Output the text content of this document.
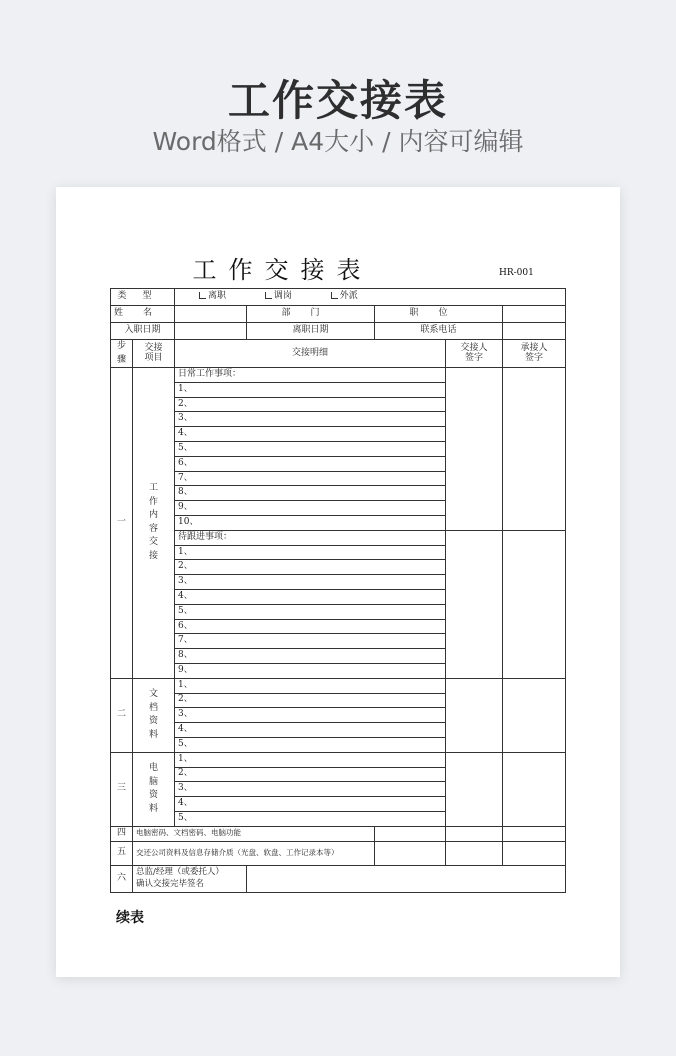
工作交接表
Word格式 / A4大小 / 内容可编辑
工作交接表	HR-001
类型		离职 调岗 外派				
姓名			部门	职位		
入职日期			离职日期	联系电话		
步骤	交接项目	交接明细			交接人签字	承接人签字
一	工作内容交接	日常工作事项：				
		1、				
		2、				
		3、				
		4、				
		5、				
		6、				
		7、				
		8、				
		9、				
		10、				
		待跟进事项：				
		1、				
		2、				
		3、				
		4、				
		5、				
		6、				
		7、				
		8、				
		9、				
二	文档资料	1、				
		2、				
		3、				
		4、				
		5、				
三	电脑资料	1、				
		2、				
		3、				
		4、				
		5、				
四	电脑密码、文档密码、电脑功能					
五	交还公司资料及信息存储介质（光盘、软盘、工作记录本等）					
六	总监/经理（或委托人）
确认交接完毕签名					

续表
